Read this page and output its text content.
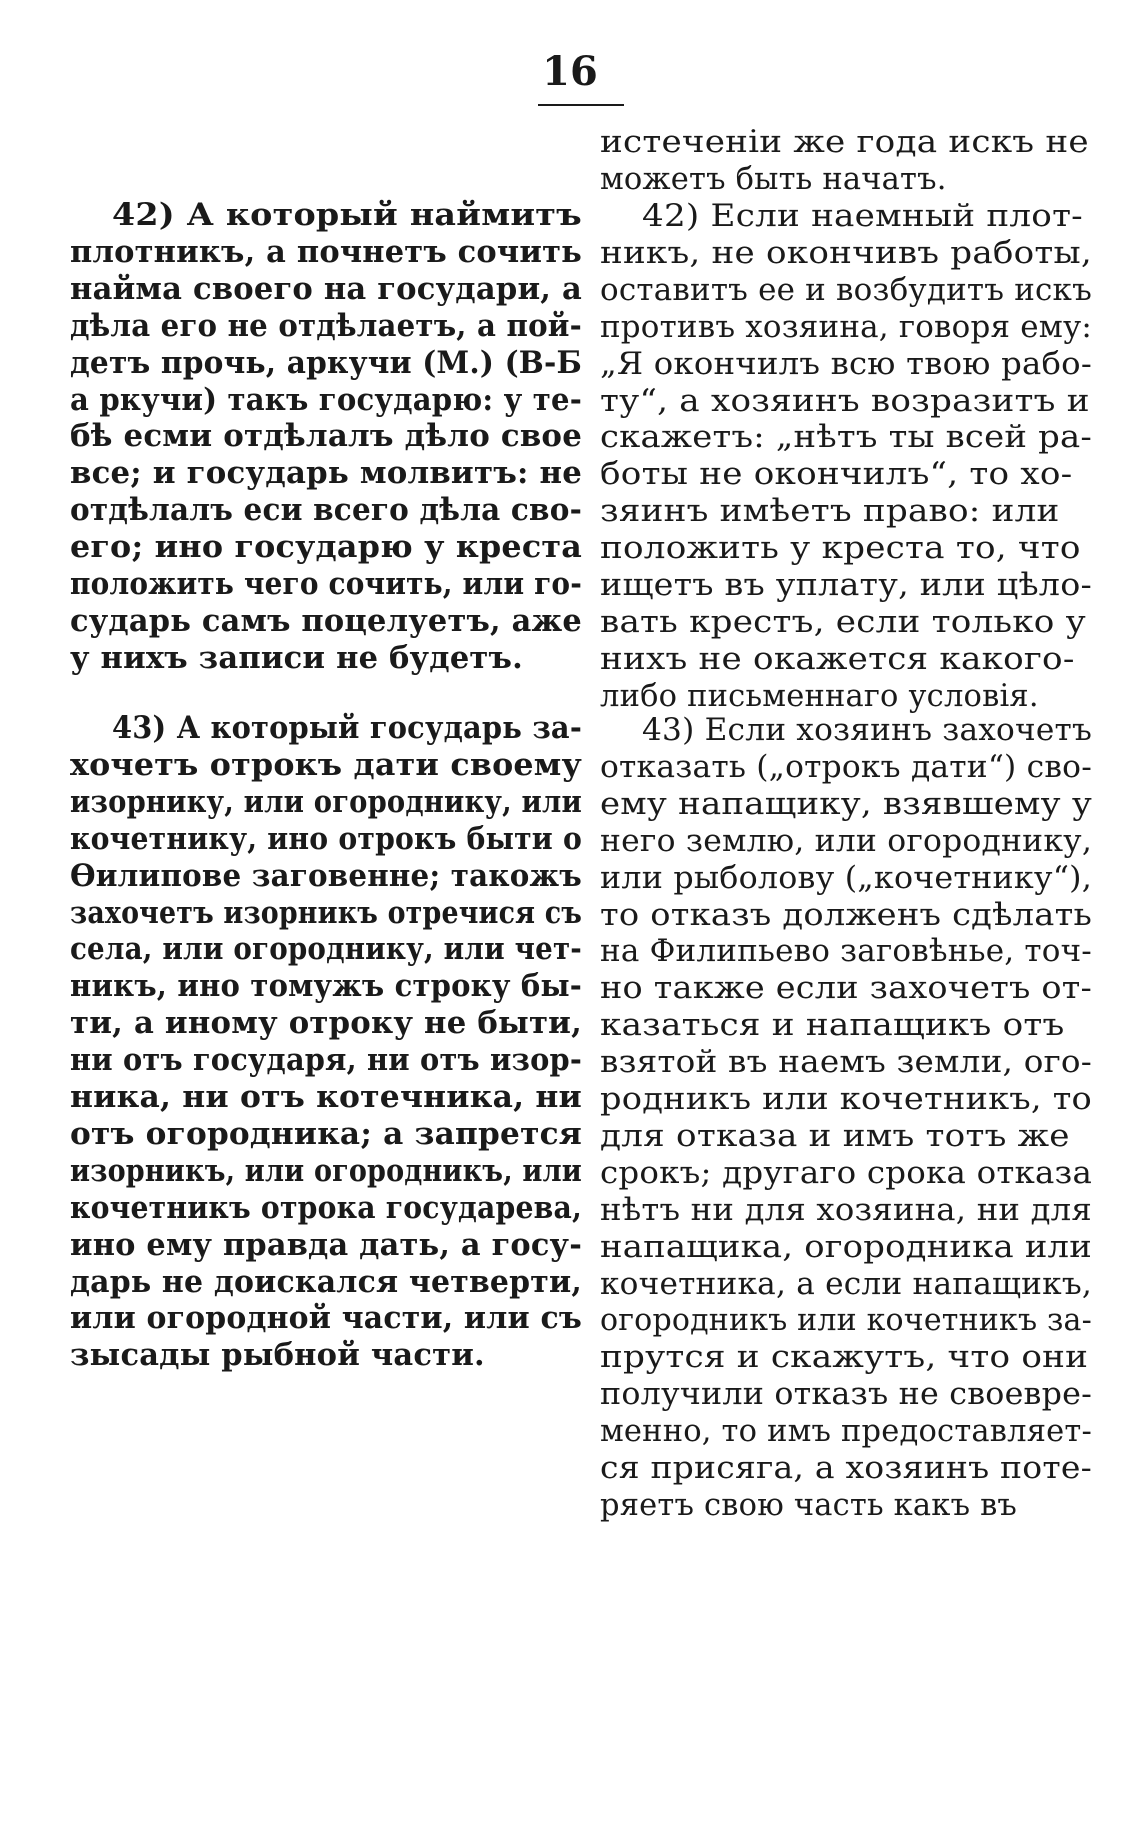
16
42) А который наймитъ
плотникъ, а почнетъ сочить
найма своего на государи, а
дѣла его не отдѣлаетъ, а пой-
детъ прочь, аркучи (М.) (В-Б
а ркучи) такъ государю: у те-
бѣ есми отдѣлалъ дѣло свое
все; и государь молвитъ: не
отдѣлалъ еси всего дѣла сво-
его; ино государю у креста
положить чего сочить, или го-
сударь самъ поцелуетъ, аже
у нихъ записи не будетъ.
43) А который государь за-
хочетъ отрокъ дати своему
изорнику, или огороднику, или
кочетнику, ино отрокъ быти о
Ѳилипове заговенне; такожъ
захочетъ изорникъ отречися съ
села, или огороднику, или чет-
никъ, ино томужъ строку бы-
ти, а иному отроку не быти,
ни отъ государя, ни отъ изор-
ника, ни отъ котечника, ни
отъ огородника; а запрется
изорникъ, или огородникъ, или
кочетникъ отрока государева,
ино ему правда дать, а госу-
дарь не доискался четверти,
или огородной части, или съ
зысады рыбной части.
истеченіи же года искъ не
можетъ быть начатъ.
42) Если наемный плот-
никъ, не окончивъ работы,
оставитъ ее и возбудитъ искъ
противъ хозяина, говоря ему:
„Я окончилъ всю твою рабо-
ту“, а хозяинъ возразитъ и
скажетъ: „нѣтъ ты всей ра-
боты не окончилъ“, то хо-
зяинъ имѣетъ право: или
положить у креста то, что
ищетъ въ уплату, или цѣло-
вать крестъ, если только у
нихъ не окажется какого-
либо письменнаго условія.
43) Если хозяинъ захочетъ
отказать („отрокъ дати“) сво-
ему напащику, взявшему у
него землю, или огороднику,
или рыболову („кочетнику“),
то отказъ долженъ сдѣлать
на Филипьево заговѣнье, точ-
но также если захочетъ от-
казаться и напащикъ отъ
взятой въ наемъ земли, ого-
родникъ или кочетникъ, то
для отказа и имъ тотъ же
срокъ; другаго срока отказа
нѣтъ ни для хозяина, ни для
напащика, огородника или
кочетника, а если напащикъ,
огородникъ или кочетникъ за-
прутся и скажутъ, что они
получили отказъ не своевре-
менно, то имъ предоставляет-
ся присяга, а хозяинъ поте-
ряетъ свою часть какъ въ
